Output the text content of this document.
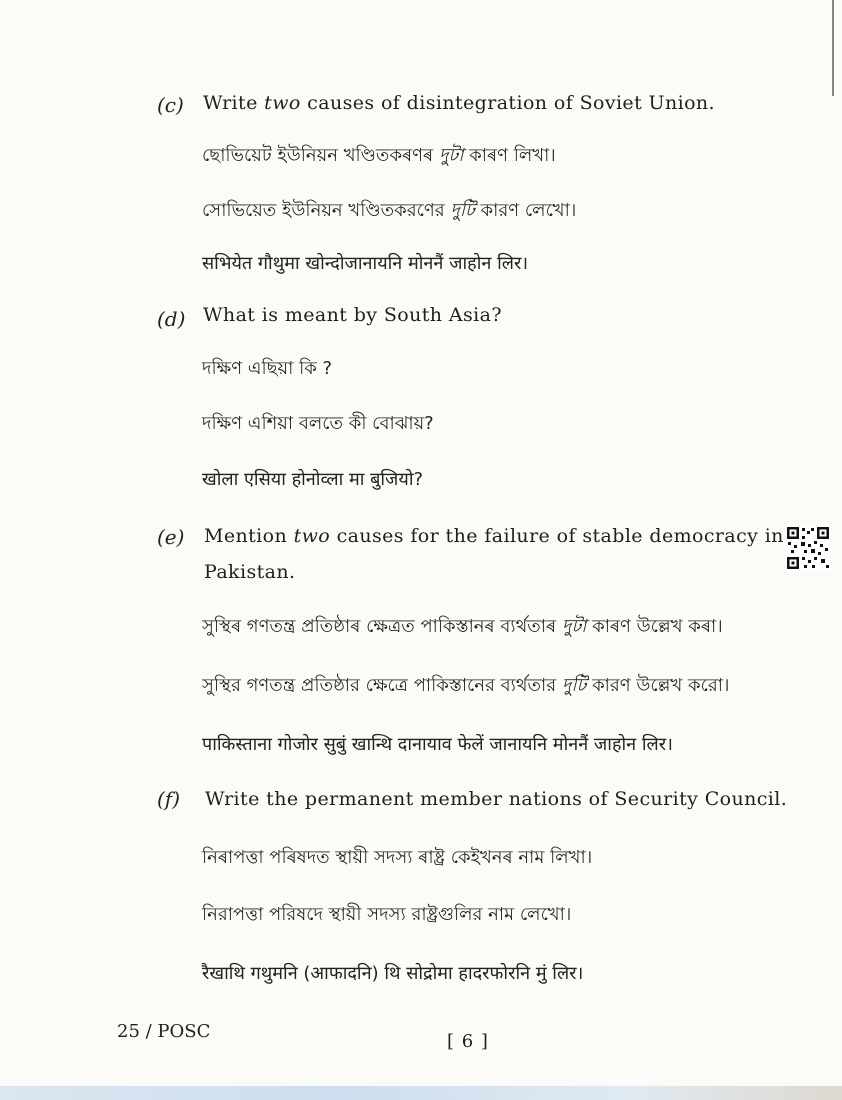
(c) Write two causes of disintegration of Soviet Union.
ছোভিয়েট ইউনিয়ন খণ্ডিতকৰণৰ দুটা কাৰণ লিখা।
সোভিয়েত ইউনিয়ন খণ্ডিতকরণের দুটি কারণ লেখো।
सभियेत गौथुमा खोन्दोजानायनि मोननैं जाहोन लिर।
(d) What is meant by South Asia?
দক্ষিণ এছিয়া কি ?
দক্ষিণ এশিয়া বলতে কী বোঝায়?
खोला एसिया होनोव्ला मा बुजियो?
(e) Mention two causes for the failure of stable democracy in
Pakistan.
সুস্থিৰ গণতন্ত্ৰ প্ৰতিষ্ঠাৰ ক্ষেত্ৰত পাকিস্তানৰ ব্যৰ্থতাৰ দুটা কাৰণ উল্লেখ কৰা।
সুস্থির গণতন্ত্র প্রতিষ্ঠার ক্ষেত্রে পাকিস্তানের ব্যর্থতার দুটি কারণ উল্লেখ করো।
पाकिस्ताना गोजोर सुबुं खान्थि दानायाव फेलें जानायनि मोननैं जाहोन लिर।
(f) Write the permanent member nations of Security Council.
নিৰাপত্তা পৰিষদত স্থায়ী সদস্য ৰাষ্ট্ৰ কেইখনৰ নাম লিখা।
নিরাপত্তা পরিষদে স্থায়ী সদস্য রাষ্ট্রগুলির নাম লেখো।
रैखाथि गथुमनि (आफादनि) थि सोद्रोमा हादरफोरनि मुं लिर।
25 / POSC	[ 6 ]
